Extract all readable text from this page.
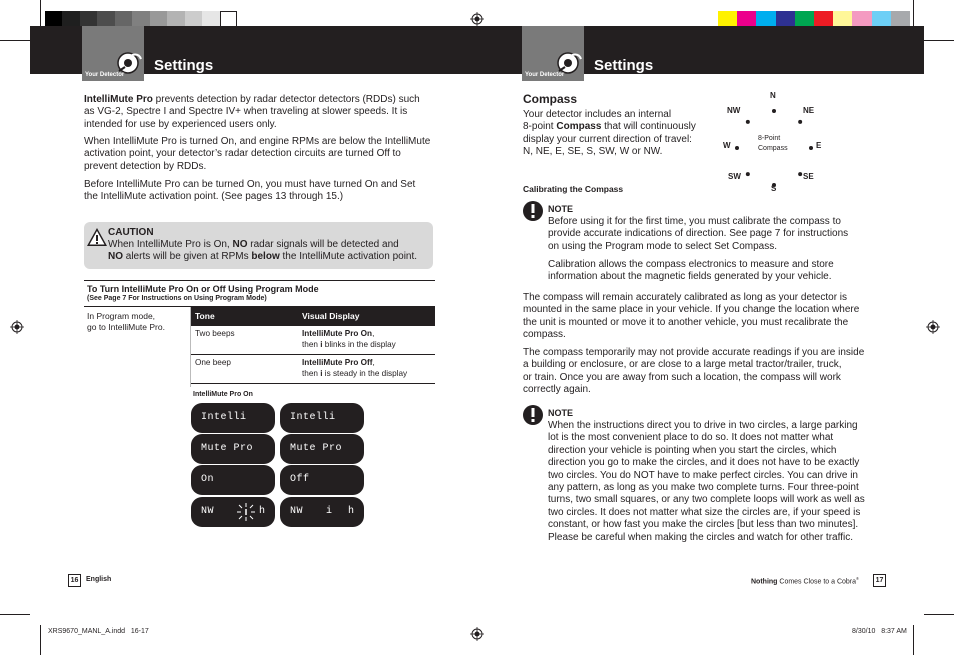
Your Detector
Settings
Your Detector
Settings
IntelliMute Pro prevents detection by radar detector detectors (RDDs) such
as VG-2, Spectre I and Spectre IV+ when traveling at slower speeds. It is
intended for use by experienced users only.
When IntelliMute Pro is turned On, and engine RPMs are below the IntelliMute
activation point, your detector’s radar detection circuits are turned Off to
prevent detection by RDDs.
Before IntelliMute Pro can be turned On, you must have turned On and Set
the IntelliMute activation point. (See pages 13 through 15.)
CAUTION
When IntelliMute Pro is On, NO radar signals will be detected and
NO alerts will be given at RPMs below the IntelliMute activation point.
To Turn IntelliMute Pro On or Off Using Program Mode
(See Page 7 For Instructions on Using Program Mode)
In Program mode,
go to IntelliMute Pro.
Tone	Visual Display
Two beeps	IntelliMute Pro On,
then i blinks in the display
One beep	IntelliMute Pro Off,
then i is steady in the display
IntelliMute Pro On
Intelli
Mute Pro
On
NW	h
Intelli
Mute Pro
Off
NW i h
16	English
Compass
Your detector includes an internal
8-point Compass that will continuously
display your current direction of travel:
N, NE, E, SE, S, SW, W or NW.
N
NE
E
SE
S
SW
W
NW
8-Point
Compass
Calibrating the Compass
NOTE
Before using it for the first time, you must calibrate the compass to
provide accurate indications of direction. See page 7 for instructions
on using the Program mode to select Set Compass.
Calibration allows the compass electronics to measure and store
information about the magnetic fields generated by your vehicle.
The compass will remain accurately calibrated as long as your detector is
mounted in the same place in your vehicle. If you change the location where
the unit is mounted or move it to another vehicle, you must recalibrate the
compass.
The compass temporarily may not provide accurate readings if you are inside
a building or enclosure, or are close to a large metal tractor/trailer, truck,
or train. Once you are away from such a location, the compass will work
correctly again.
NOTE
When the instructions direct you to drive in two circles, a large parking
lot is the most convenient place to do so. It does not matter what
direction your vehicle is pointing when you start the circles, which
direction you go to make the circles, and it does not have to be exactly
two circles. You do NOT have to make perfect circles. You can drive in
any pattern, as long as you make two complete turns. Four three-point
turns, two small squares, or any two complete loops will work as well as
two circles. It does not matter what size the circles are, if your speed is
constant, or how fast you make the circles [but less than two minutes].
Please be careful when making the circles and watch for other traffic.
Nothing Comes Close to a Cobra®	17
XRS9670_MANL_A.indd   16-17	8/30/10   8:37 AM
